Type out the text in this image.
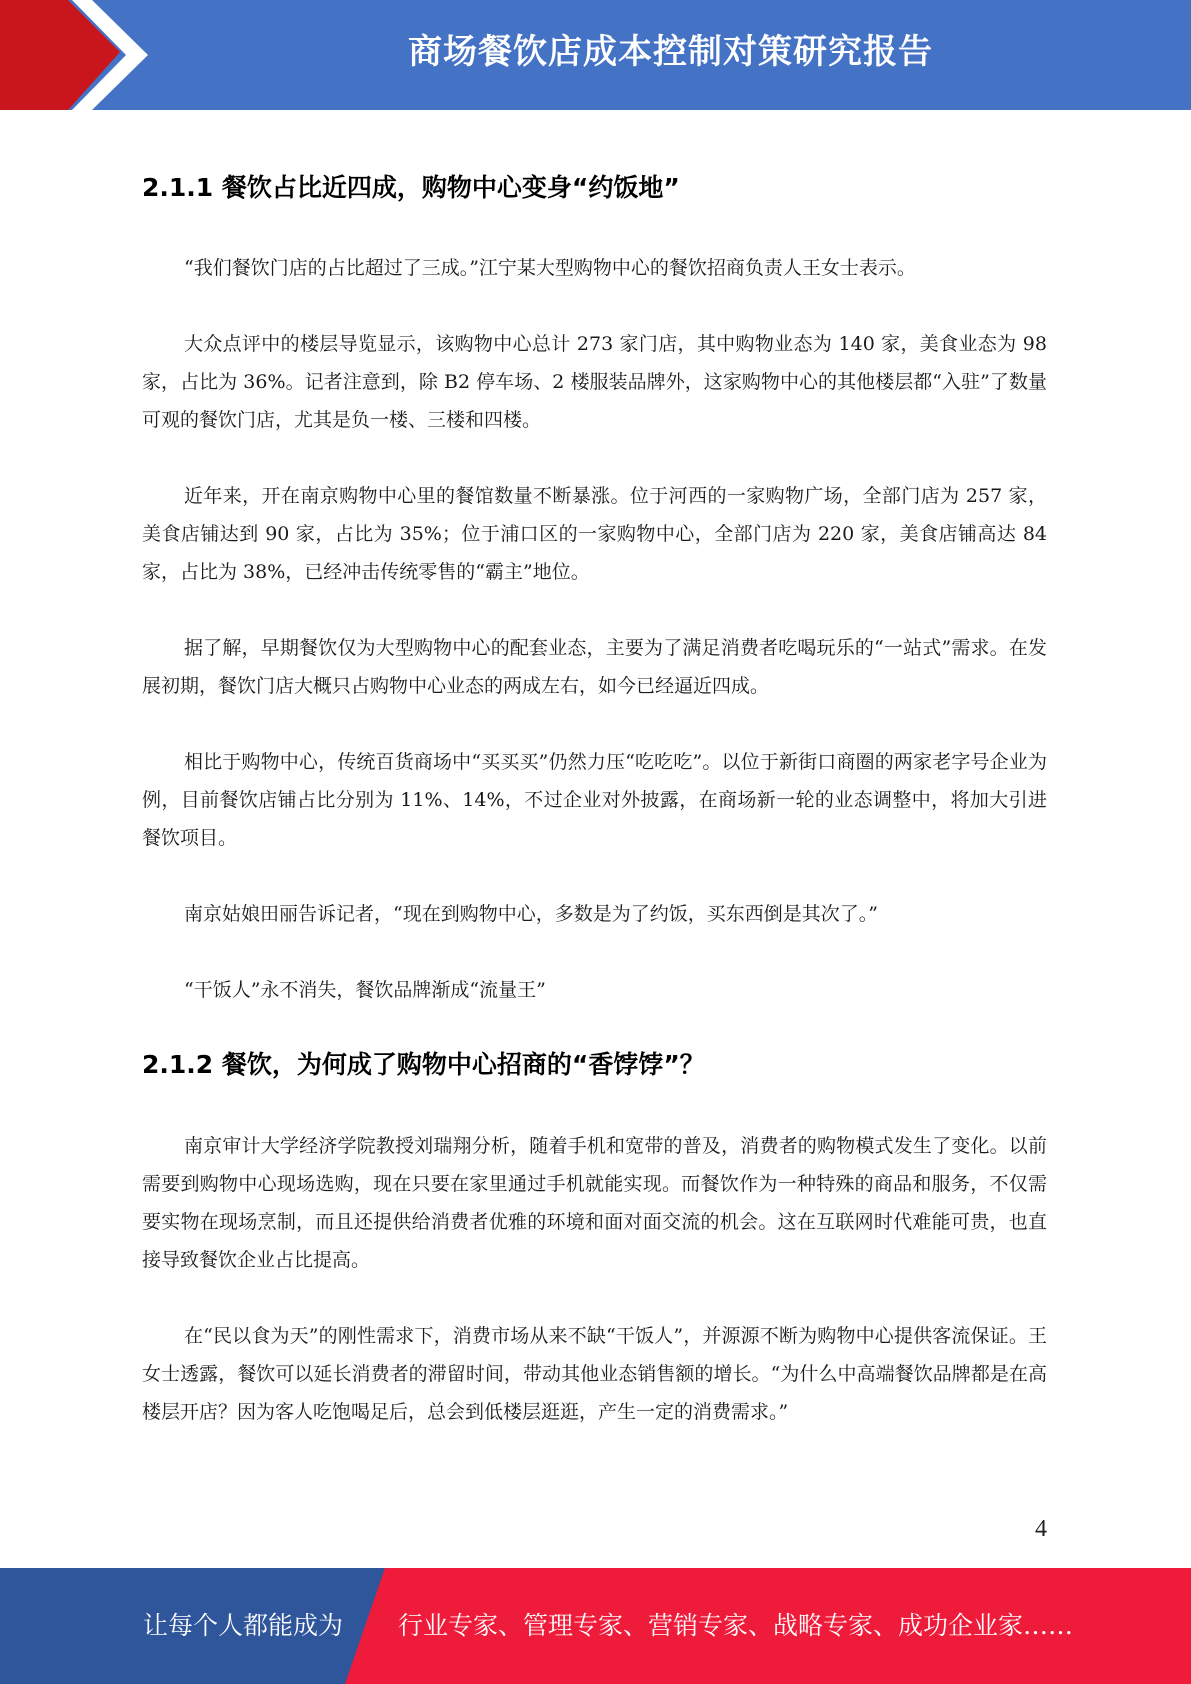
商场餐饮店成本控制对策研究报告
2.1.1 餐饮占比近四成，购物中心变身“约饭地”

“我们餐饮门店的占比超过了三成。”江宁某大型购物中心的餐饮招商负责人王女士表示。

大众点评中的楼层导览显示，该购物中心总计 273 家门店，其中购物业态为 140 家，美食业态为 98 家，占比为 36%。记者注意到，除 B2 停车场、2 楼服装品牌外，这家购物中心的其他楼层都“入驻”了数量可观的餐饮门店，尤其是负一楼、三楼和四楼。

近年来，开在南京购物中心里的餐馆数量不断暴涨。位于河西的一家购物广场，全部门店为 257 家，美食店铺达到 90 家，占比为 35%；位于浦口区的一家购物中心，全部门店为 220 家，美食店铺高达 84 家，占比为 38%，已经冲击传统零售的“霸主”地位。

据了解，早期餐饮仅为大型购物中心的配套业态，主要为了满足消费者吃喝玩乐的“一站式”需求。在发展初期，餐饮门店大概只占购物中心业态的两成左右，如今已经逼近四成。

相比于购物中心，传统百货商场中“买买买”仍然力压“吃吃吃”。以位于新街口商圈的两家老字号企业为例，目前餐饮店铺占比分别为 11%、14%，不过企业对外披露，在商场新一轮的业态调整中，将加大引进餐饮项目。

南京姑娘田丽告诉记者，“现在到购物中心，多数是为了约饭，买东西倒是其次了。”

“干饭人”永不消失，餐饮品牌渐成“流量王”

2.1.2 餐饮，为何成了购物中心招商的“香饽饽”？

南京审计大学经济学院教授刘瑞翔分析，随着手机和宽带的普及，消费者的购物模式发生了变化。以前需要到购物中心现场选购，现在只要在家里通过手机就能实现。而餐饮作为一种特殊的商品和服务，不仅需要实物在现场烹制，而且还提供给消费者优雅的环境和面对面交流的机会。这在互联网时代难能可贵，也直接导致餐饮企业占比提高。

在“民以食为天”的刚性需求下，消费市场从来不缺“干饭人”，并源源不断为购物中心提供客流保证。王女士透露，餐饮可以延长消费者的滞留时间，带动其他业态销售额的增长。“为什么中高端餐饮品牌都是在高楼层开店？因为客人吃饱喝足后，总会到低楼层逛逛，产生一定的消费需求。”

4
让每个人都能成为 行业专家、管理专家、营销专家、战略专家、成功企业家……
